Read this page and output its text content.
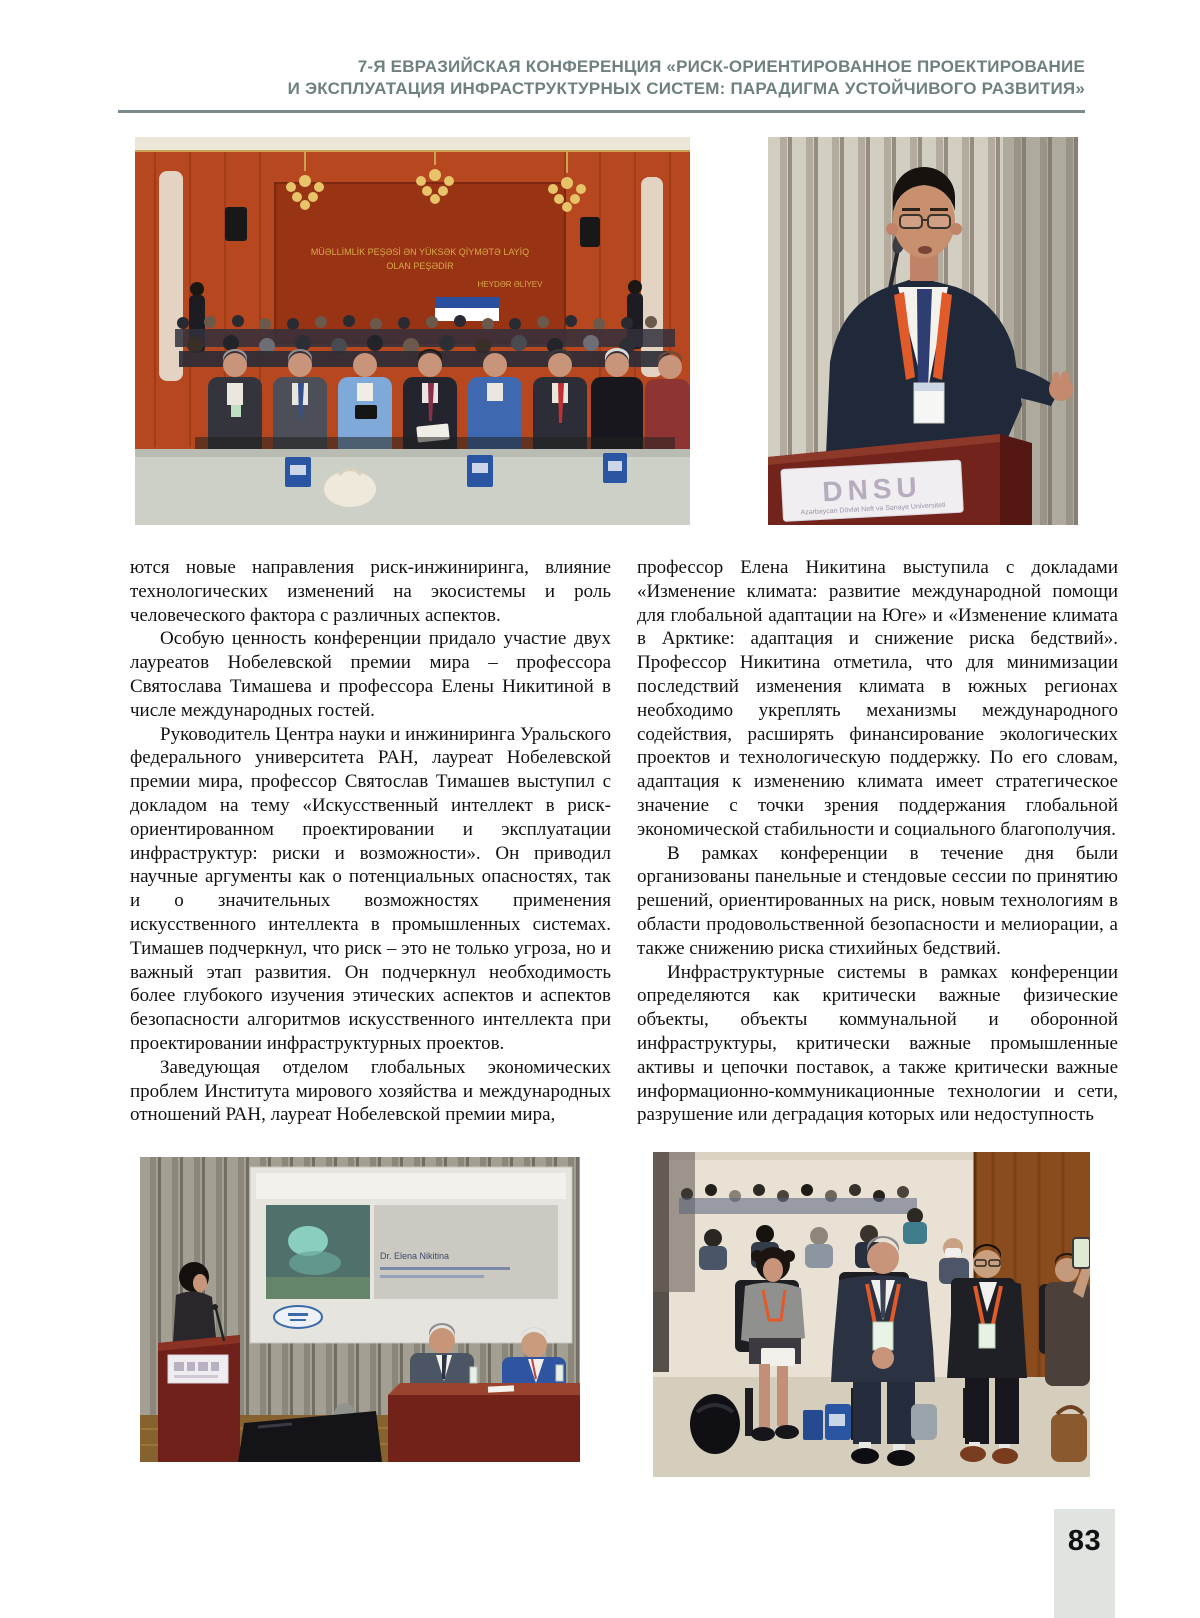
7-Я ЕВРАЗИЙСКАЯ КОНФЕРЕНЦИЯ «РИСК-ОРИЕНТИРОВАННОЕ ПРОЕКТИРОВАНИЕ
И ЭКСПЛУАТАЦИЯ ИНФРАСТРУКТУРНЫХ СИСТЕМ: ПАРАДИГМА УСТОЙЧИВОГО РАЗВИТИЯ»
MÜƏLLİMLİK PEŞƏSİ ƏN YÜKSƏK QİYMƏTƏ LAYİQ
OLAN PEŞƏDİR
HEYDƏR ƏLİYEV
DNSU
Azərbaycan Dövlət Neft və Sənaye Universiteti

ются новые направления риск-инжиниринга, влияние технологических изменений на экосистемы и роль человеческого фактора с различных аспектов.

Особую ценность конференции придало участие двух лауреатов Нобелевской премии мира – профессора Святослава Тимашева и профессора Елены Никитиной в числе международных гостей.

Руководитель Центра науки и инжиниринга Уральского федерального университета РАН, лауреат Нобелевской премии мира, профессор Святослав Тимашев выступил с докладом на тему «Искусственный интеллект в риск-ориентированном проектировании и эксплуатации инфраструктур: риски и возможности». Он приводил научные аргументы как о потенциальных опасностях, так и о значительных возможностях применения искусственного интеллекта в промышленных системах. Тимашев подчеркнул, что риск – это не только угроза, но и важный этап развития. Он подчеркнул необходимость более глубокого изучения этических аспектов и аспектов безопасности алгоритмов искусственного интеллекта при проектировании инфраструктурных проектов.

Заведующая отделом глобальных экономических проблем Института мирового хозяйства и международных отношений РАН, лауреат Нобелевской премии мира,

профессор Елена Никитина выступила с докладами «Изменение климата: развитие международной помощи для глобальной адаптации на Юге» и «Изменение климата в Арктике: адаптация и снижение риска бедствий». Профессор Никитина отметила, что для минимизации последствий изменения климата в южных регионах необходимо укреплять механизмы международного содействия, расширять финансирование экологических проектов и технологическую поддержку. По его словам, адаптация к изменению климата имеет стратегическое значение с точки зрения поддержания глобальной экономической стабильности и социального благополучия.

В рамках конференции в течение дня были организованы панельные и стендовые сессии по принятию решений, ориентированных на риск, новым технологиям в области продовольственной безопасности и мелиорации, а также снижению риска стихийных бедствий.

Инфраструктурные системы в рамках конференции определяются как критически важные физические объекты, объекты коммунальной и оборонной инфраструктуры, критически важные промышленные активы и цепочки поставок, а также критически важные информационно-коммуникационные технологии и сети, разрушение или деградация которых или недоступность

Dr. Elena Nikitina
83
